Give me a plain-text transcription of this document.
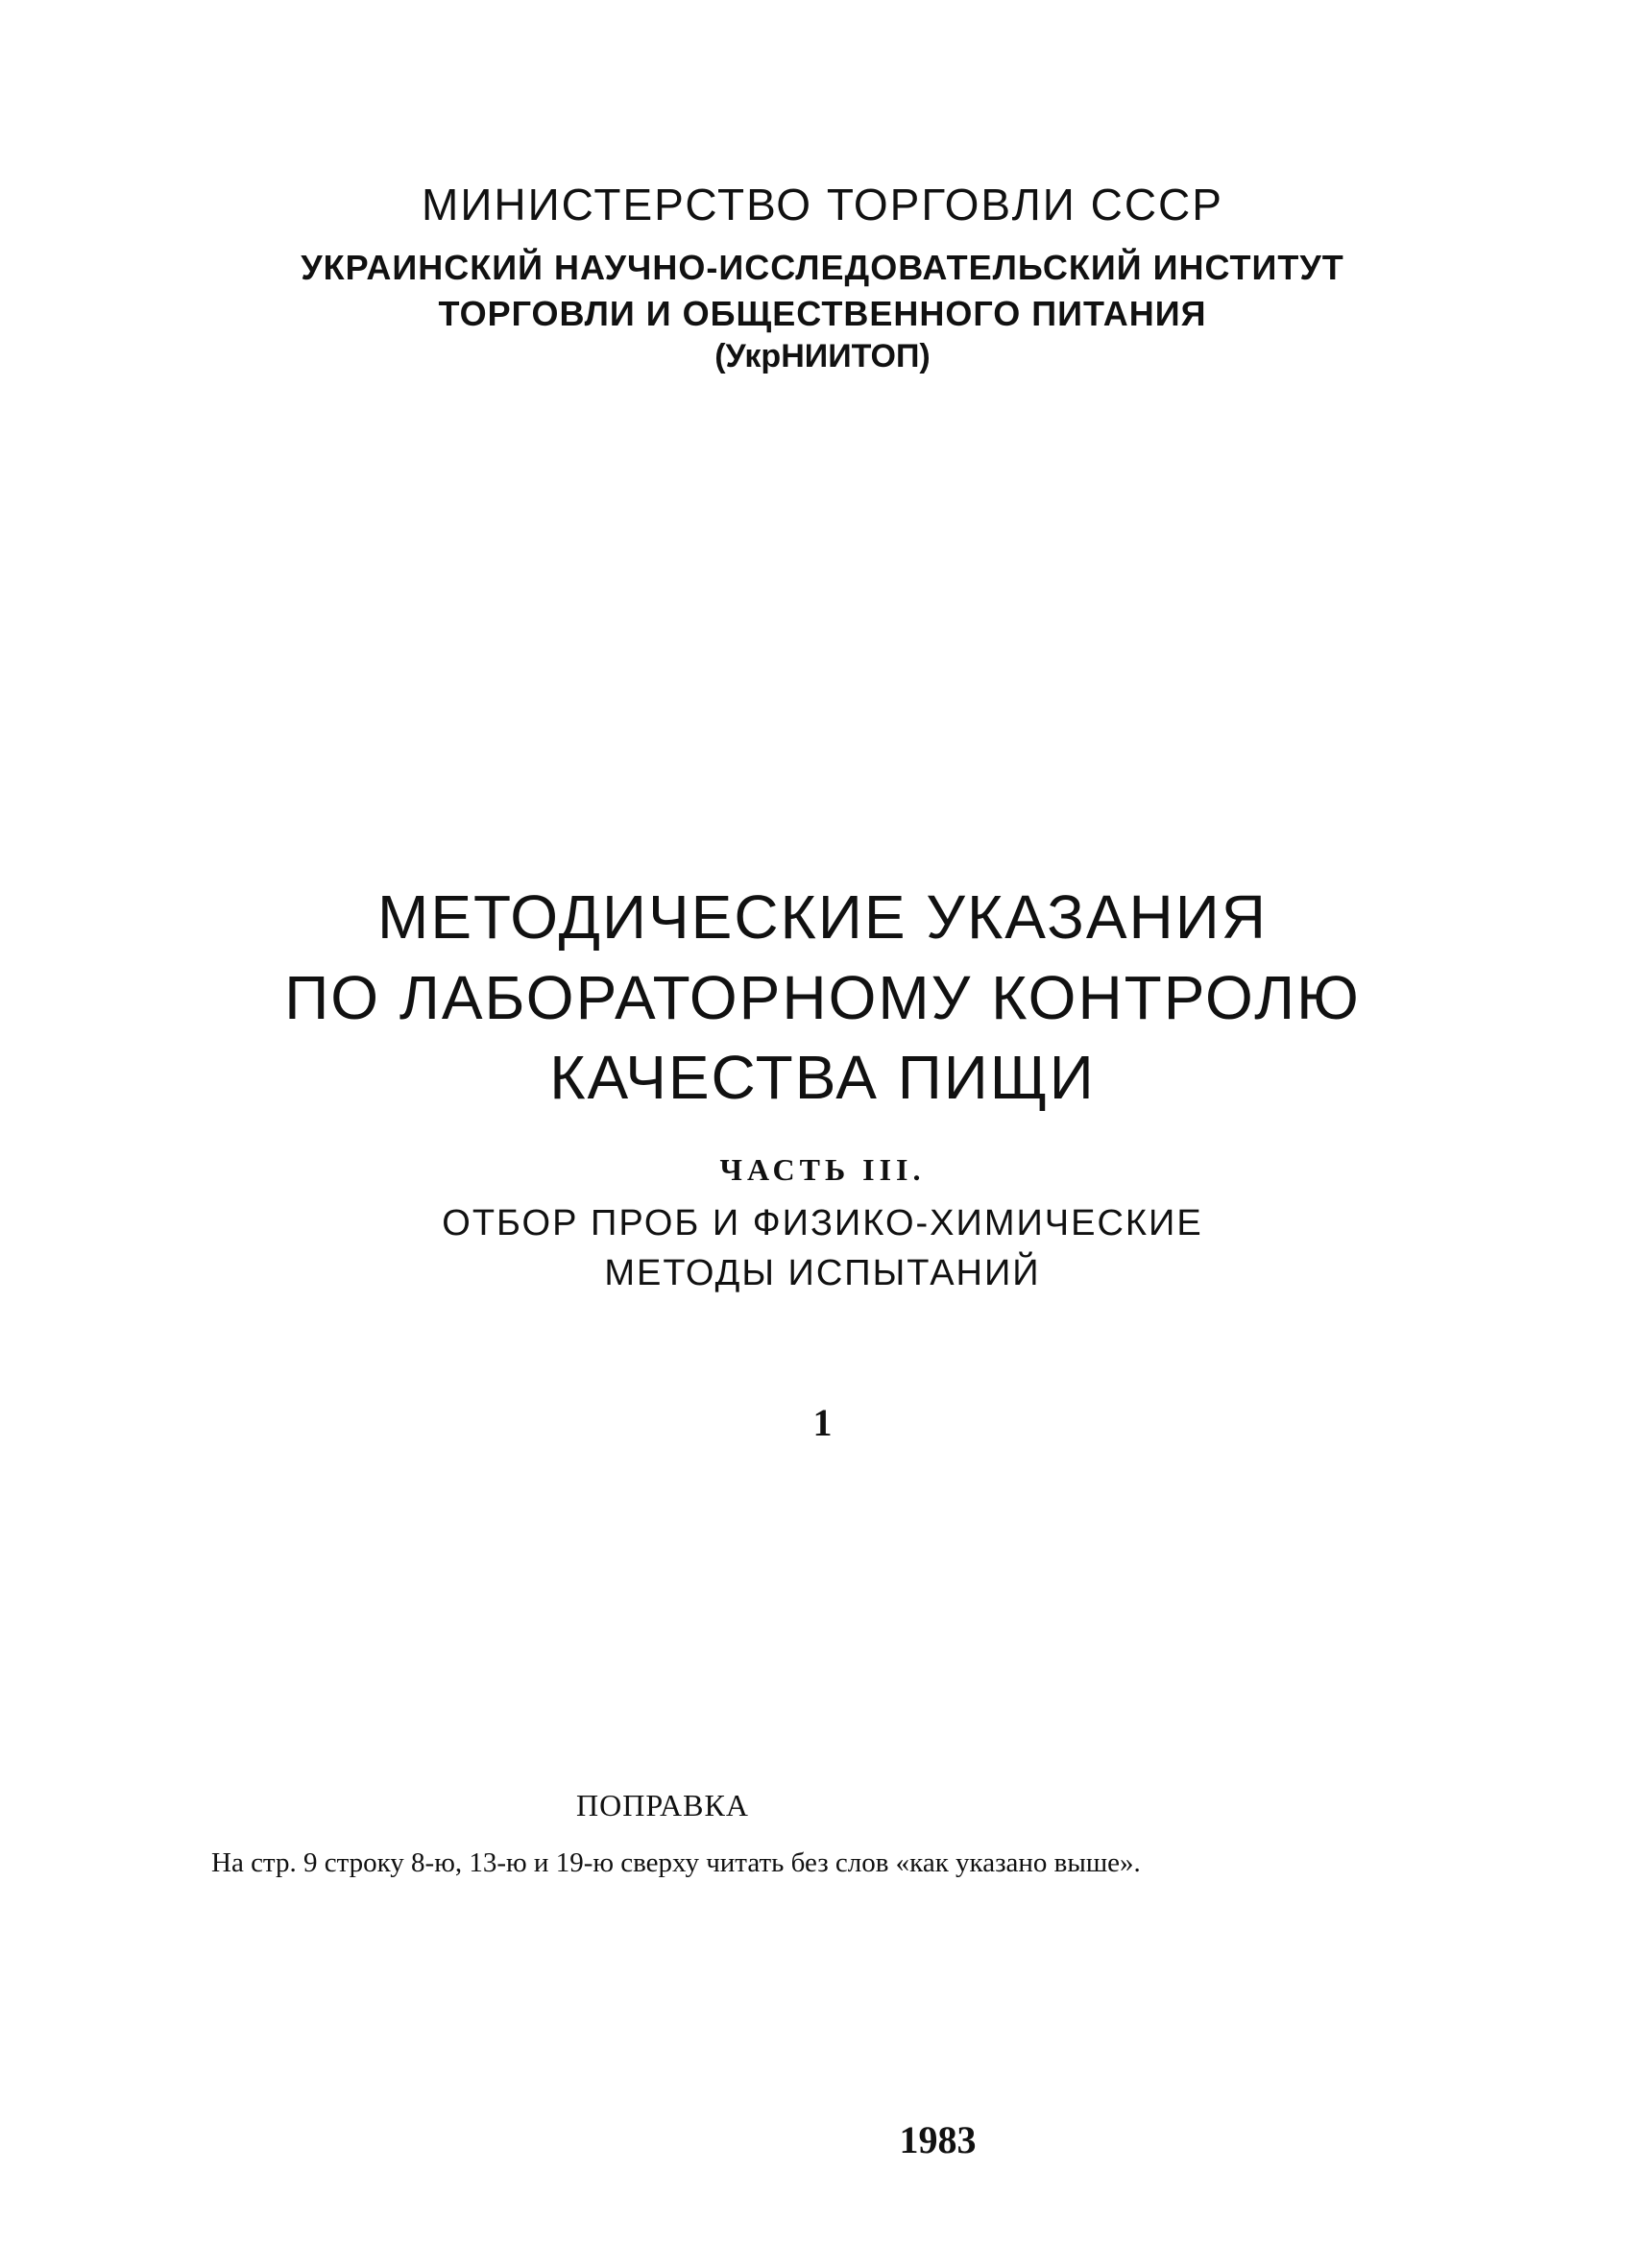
МИНИСТЕРСТВО ТОРГОВЛИ СССР
УКРАИНСКИЙ НАУЧНО-ИССЛЕДОВАТЕЛЬСКИЙ ИНСТИТУТ
ТОРГОВЛИ И ОБЩЕСТВЕННОГО ПИТАНИЯ
(УкрНИИТОП)
МЕТОДИЧЕСКИЕ УКАЗАНИЯ
ПО ЛАБОРАТОРНОМУ КОНТРОЛЮ
КАЧЕСТВА ПИЩИ
ЧАСТЬ III.
ОТБОР ПРОБ И ФИЗИКО-ХИМИЧЕСКИЕ
МЕТОДЫ ИСПЫТАНИЙ
1
ПОПРАВКА
На стр. 9 строку 8-ю, 13-ю и 19-ю сверху читать без слов «как указано выше».
1983
